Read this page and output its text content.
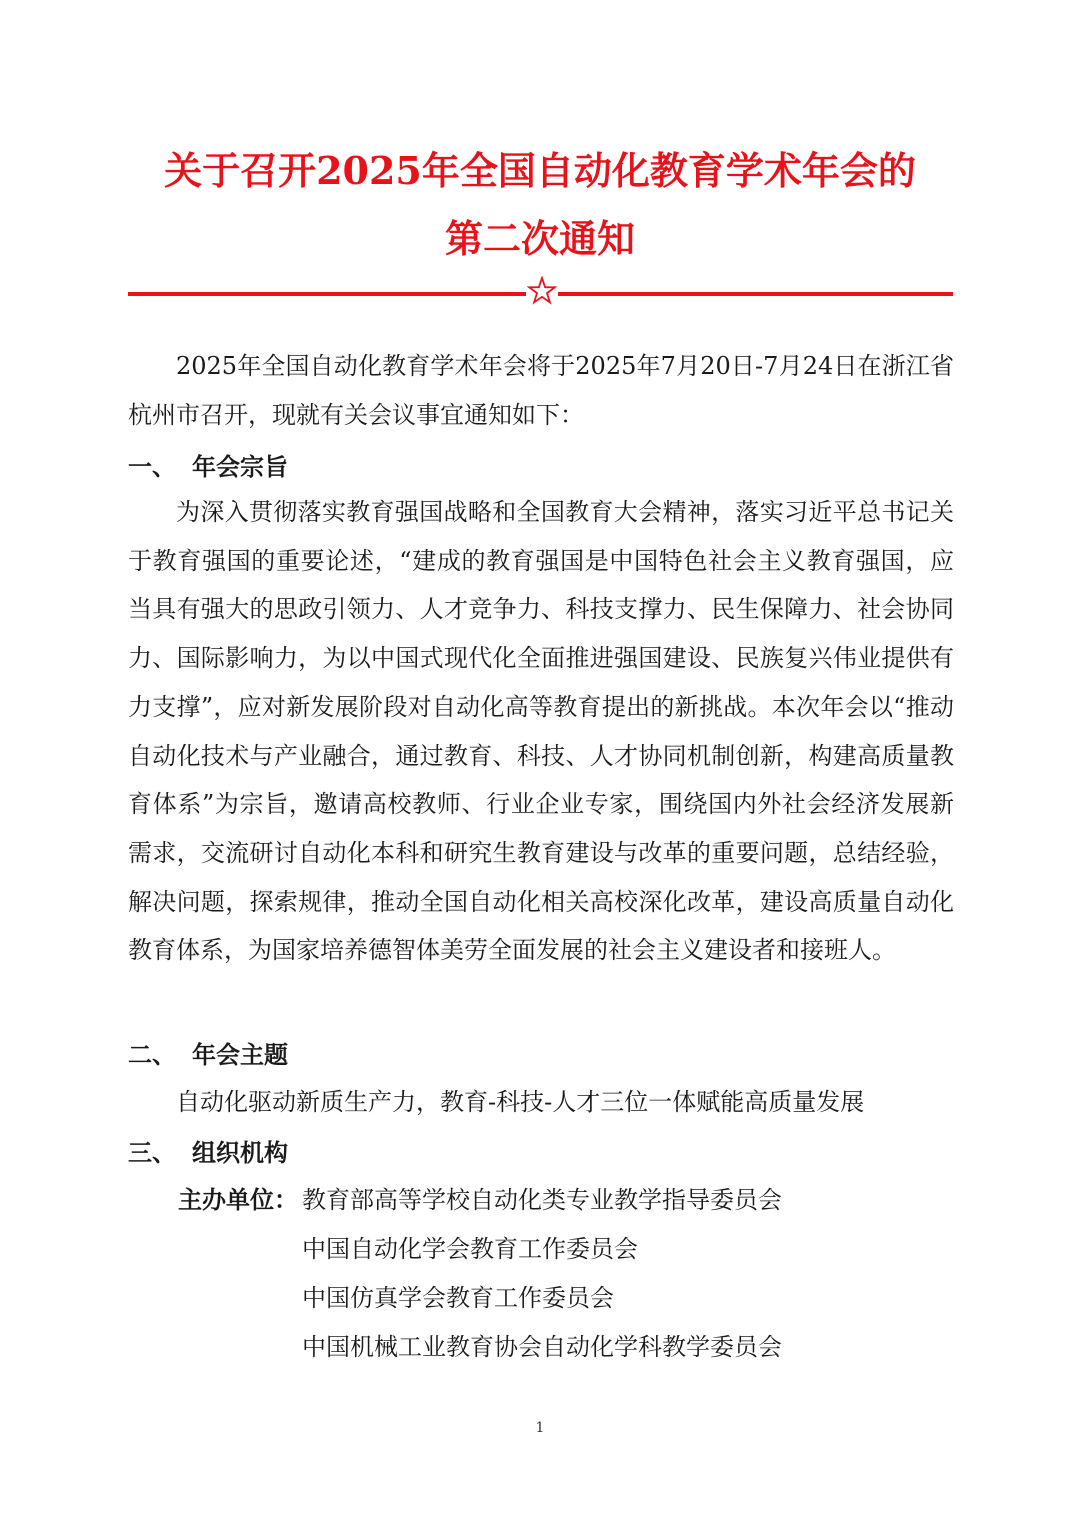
关于召开2025年全国自动化教育学术年会的
第二次通知

2025年全国自动化教育学术年会将于2025年7月20日-7月24日在浙江省杭州市召开，现就有关会议事宜通知如下：

一、 年会宗旨

为深入贯彻落实教育强国战略和全国教育大会精神，落实习近平总书记关于教育强国的重要论述，“建成的教育强国是中国特色社会主义教育强国，应当具有强大的思政引领力、人才竞争力、科技支撑力、民生保障力、社会协同力、国际影响力，为以中国式现代化全面推进强国建设、民族复兴伟业提供有力支撑”，应对新发展阶段对自动化高等教育提出的新挑战。本次年会以“推动自动化技术与产业融合，通过教育、科技、人才协同机制创新，构建高质量教育体系”为宗旨，邀请高校教师、行业企业专家，围绕国内外社会经济发展新需求，交流研讨自动化本科和研究生教育建设与改革的重要问题，总结经验，解决问题，探索规律，推动全国自动化相关高校深化改革，建设高质量自动化教育体系，为国家培养德智体美劳全面发展的社会主义建设者和接班人。

二、 年会主题
自动化驱动新质生产力，教育-科技-人才三位一体赋能高质量发展
三、 组织机构
主办单位： 教育部高等学校自动化类专业教学指导委员会
中国自动化学会教育工作委员会
中国仿真学会教育工作委员会
中国机械工业教育协会自动化学科教学委员会
1
